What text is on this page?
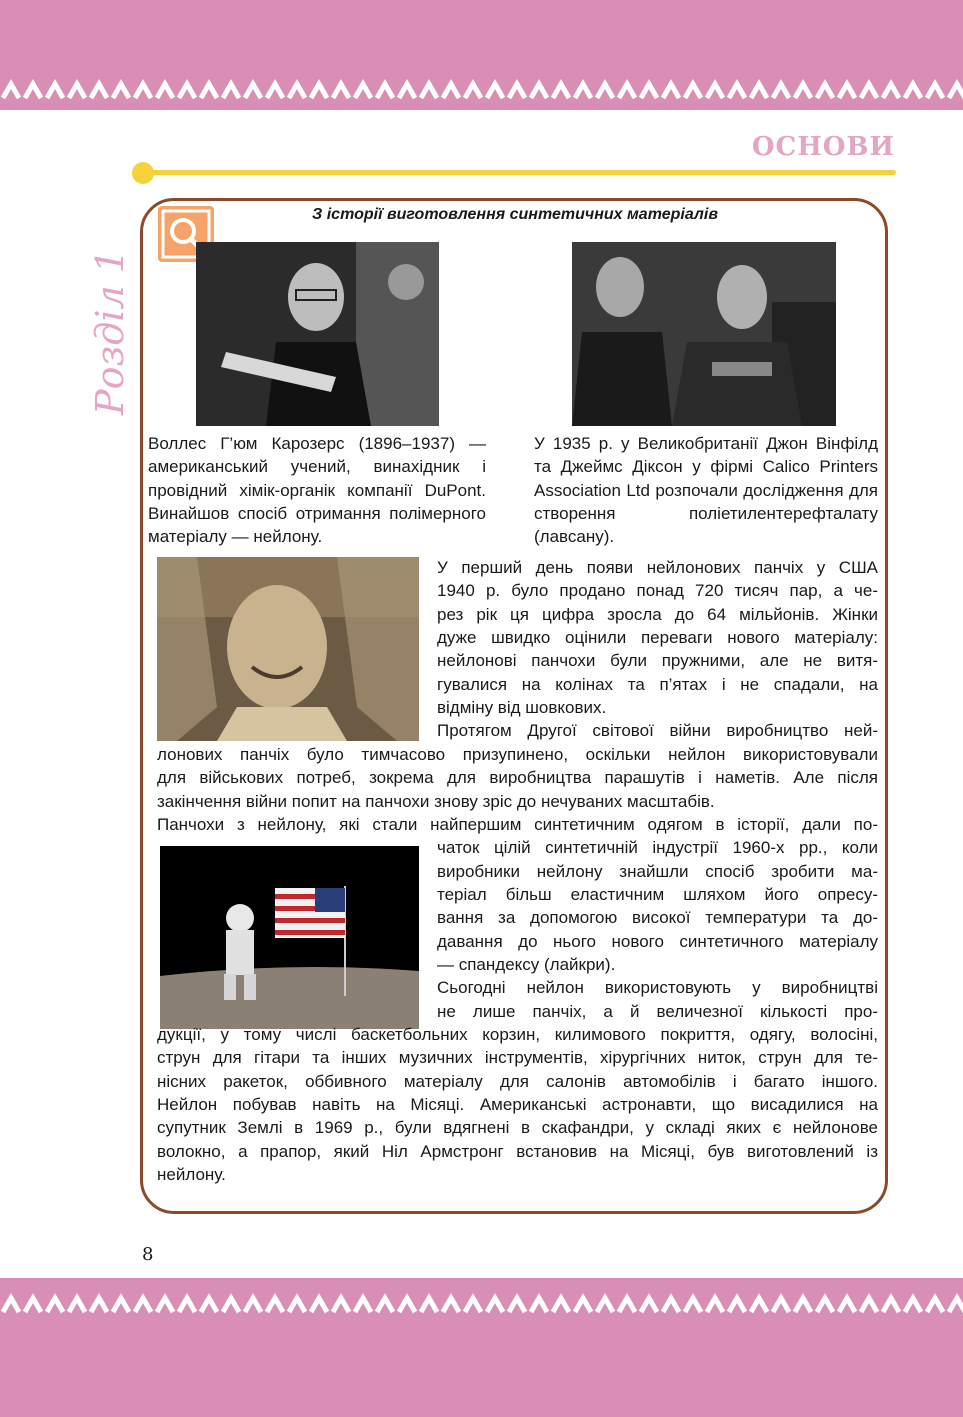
ОСНОВИ
Розділ 1
З історії виготовлення синтетичних матеріалів
Воллес Г’юм Карозерс (1896–1937) — американський учений, винахідник і провідний хімік-органік компанії DuPont. Винайшов спосіб отримання полімерного матеріалу — нейлону.
У 1935 р. у Великобританії Джон Вінфілд та Джеймс Діксон у фірмі Calico Printers Association Ltd розпочали дослідження для створення поліетилентерефталату (лавсану).
У перший день появи нейлонових панчіх у США
1940 р. було продано понад 720 тисяч пар, а че-
рез рік ця цифра зросла до 64 мільйонів. Жінки
дуже швидко оцінили переваги нового матеріалу:
нейлонові панчохи були пружними, але не витя-
гувалися на колінах та п’ятах і не спадали, на
відміну від шовкових.
Протягом Другої світової війни виробництво ней-
лонових панчіх було тимчасово призупинено, оскільки нейлон використовували
для військових потреб, зокрема для виробництва парашутів і наметів. Але після
закінчення війни попит на панчохи знову зріс до нечуваних масштабів.
Панчохи з нейлону, які стали найпершим синтетичним одягом в історії, дали по-
чаток цілій синтетичній індустрії 1960-х рр., коли
виробники нейлону знайшли спосіб зробити ма-
теріал більш еластичним шляхом його опресу-
вання за допомогою високої температури та до-
давання до нього нового синтетичного матеріалу
— спандексу (лайкри).
Сьогодні нейлон використовують у виробництві
не лише панчіх, а й величезної кількості про-
дукції, у тому числі баскетбольних корзин, килимового покриття, одягу, волосіні,
струн для гітари та інших музичних інструментів, хірургічних ниток, струн для те-
нісних ракеток, оббивного матеріалу для салонів автомобілів і багато іншого.
Нейлон побував навіть на Місяці. Американські астронавти, що висадилися на
супутник Землі в 1969 р., були вдягнені в скафандри, у складі яких є нейлонове
волокно, а прапор, який Ніл Армстронг встановив на Місяці, був виготовлений із
нейлону.
8
